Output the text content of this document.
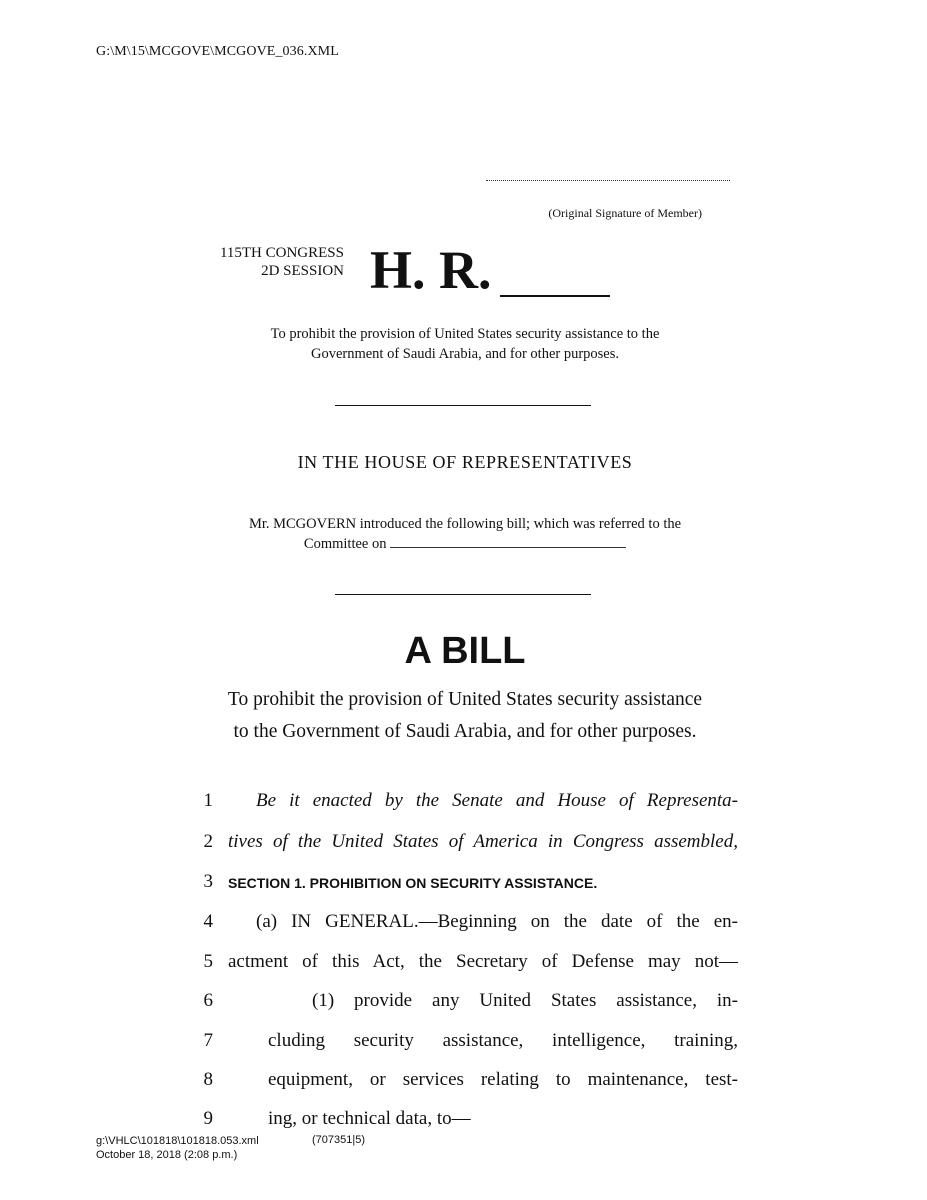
G:\M\15\MCGOVE\MCGOVE_036.XML
(Original Signature of Member)
115TH CONGRESS
2D SESSION H. R.
To prohibit the provision of United States security assistance to the
Government of Saudi Arabia, and for other purposes.
IN THE HOUSE OF REPRESENTATIVES
Mr. MCGOVERN introduced the following bill; which was referred to the
Committee on
A BILL
To prohibit the provision of United States security assistance
to the Government of Saudi Arabia, and for other purposes.
1 Be it enacted by the Senate and House of Representa-
2 tives of the United States of America in Congress assembled,
3 SECTION 1. PROHIBITION ON SECURITY ASSISTANCE.
4 (a) IN GENERAL.—Beginning on the date of the en-
5 actment of this Act, the Secretary of Defense may not—
6	(1) provide any United States assistance, in-
7	cluding security assistance, intelligence, training,
8	equipment, or services relating to maintenance, test-
9	ing, or technical data, to—
g:\VHLC\101818\101818.053.xml
October 18, 2018 (2:08 p.m.)
(707351|5)
